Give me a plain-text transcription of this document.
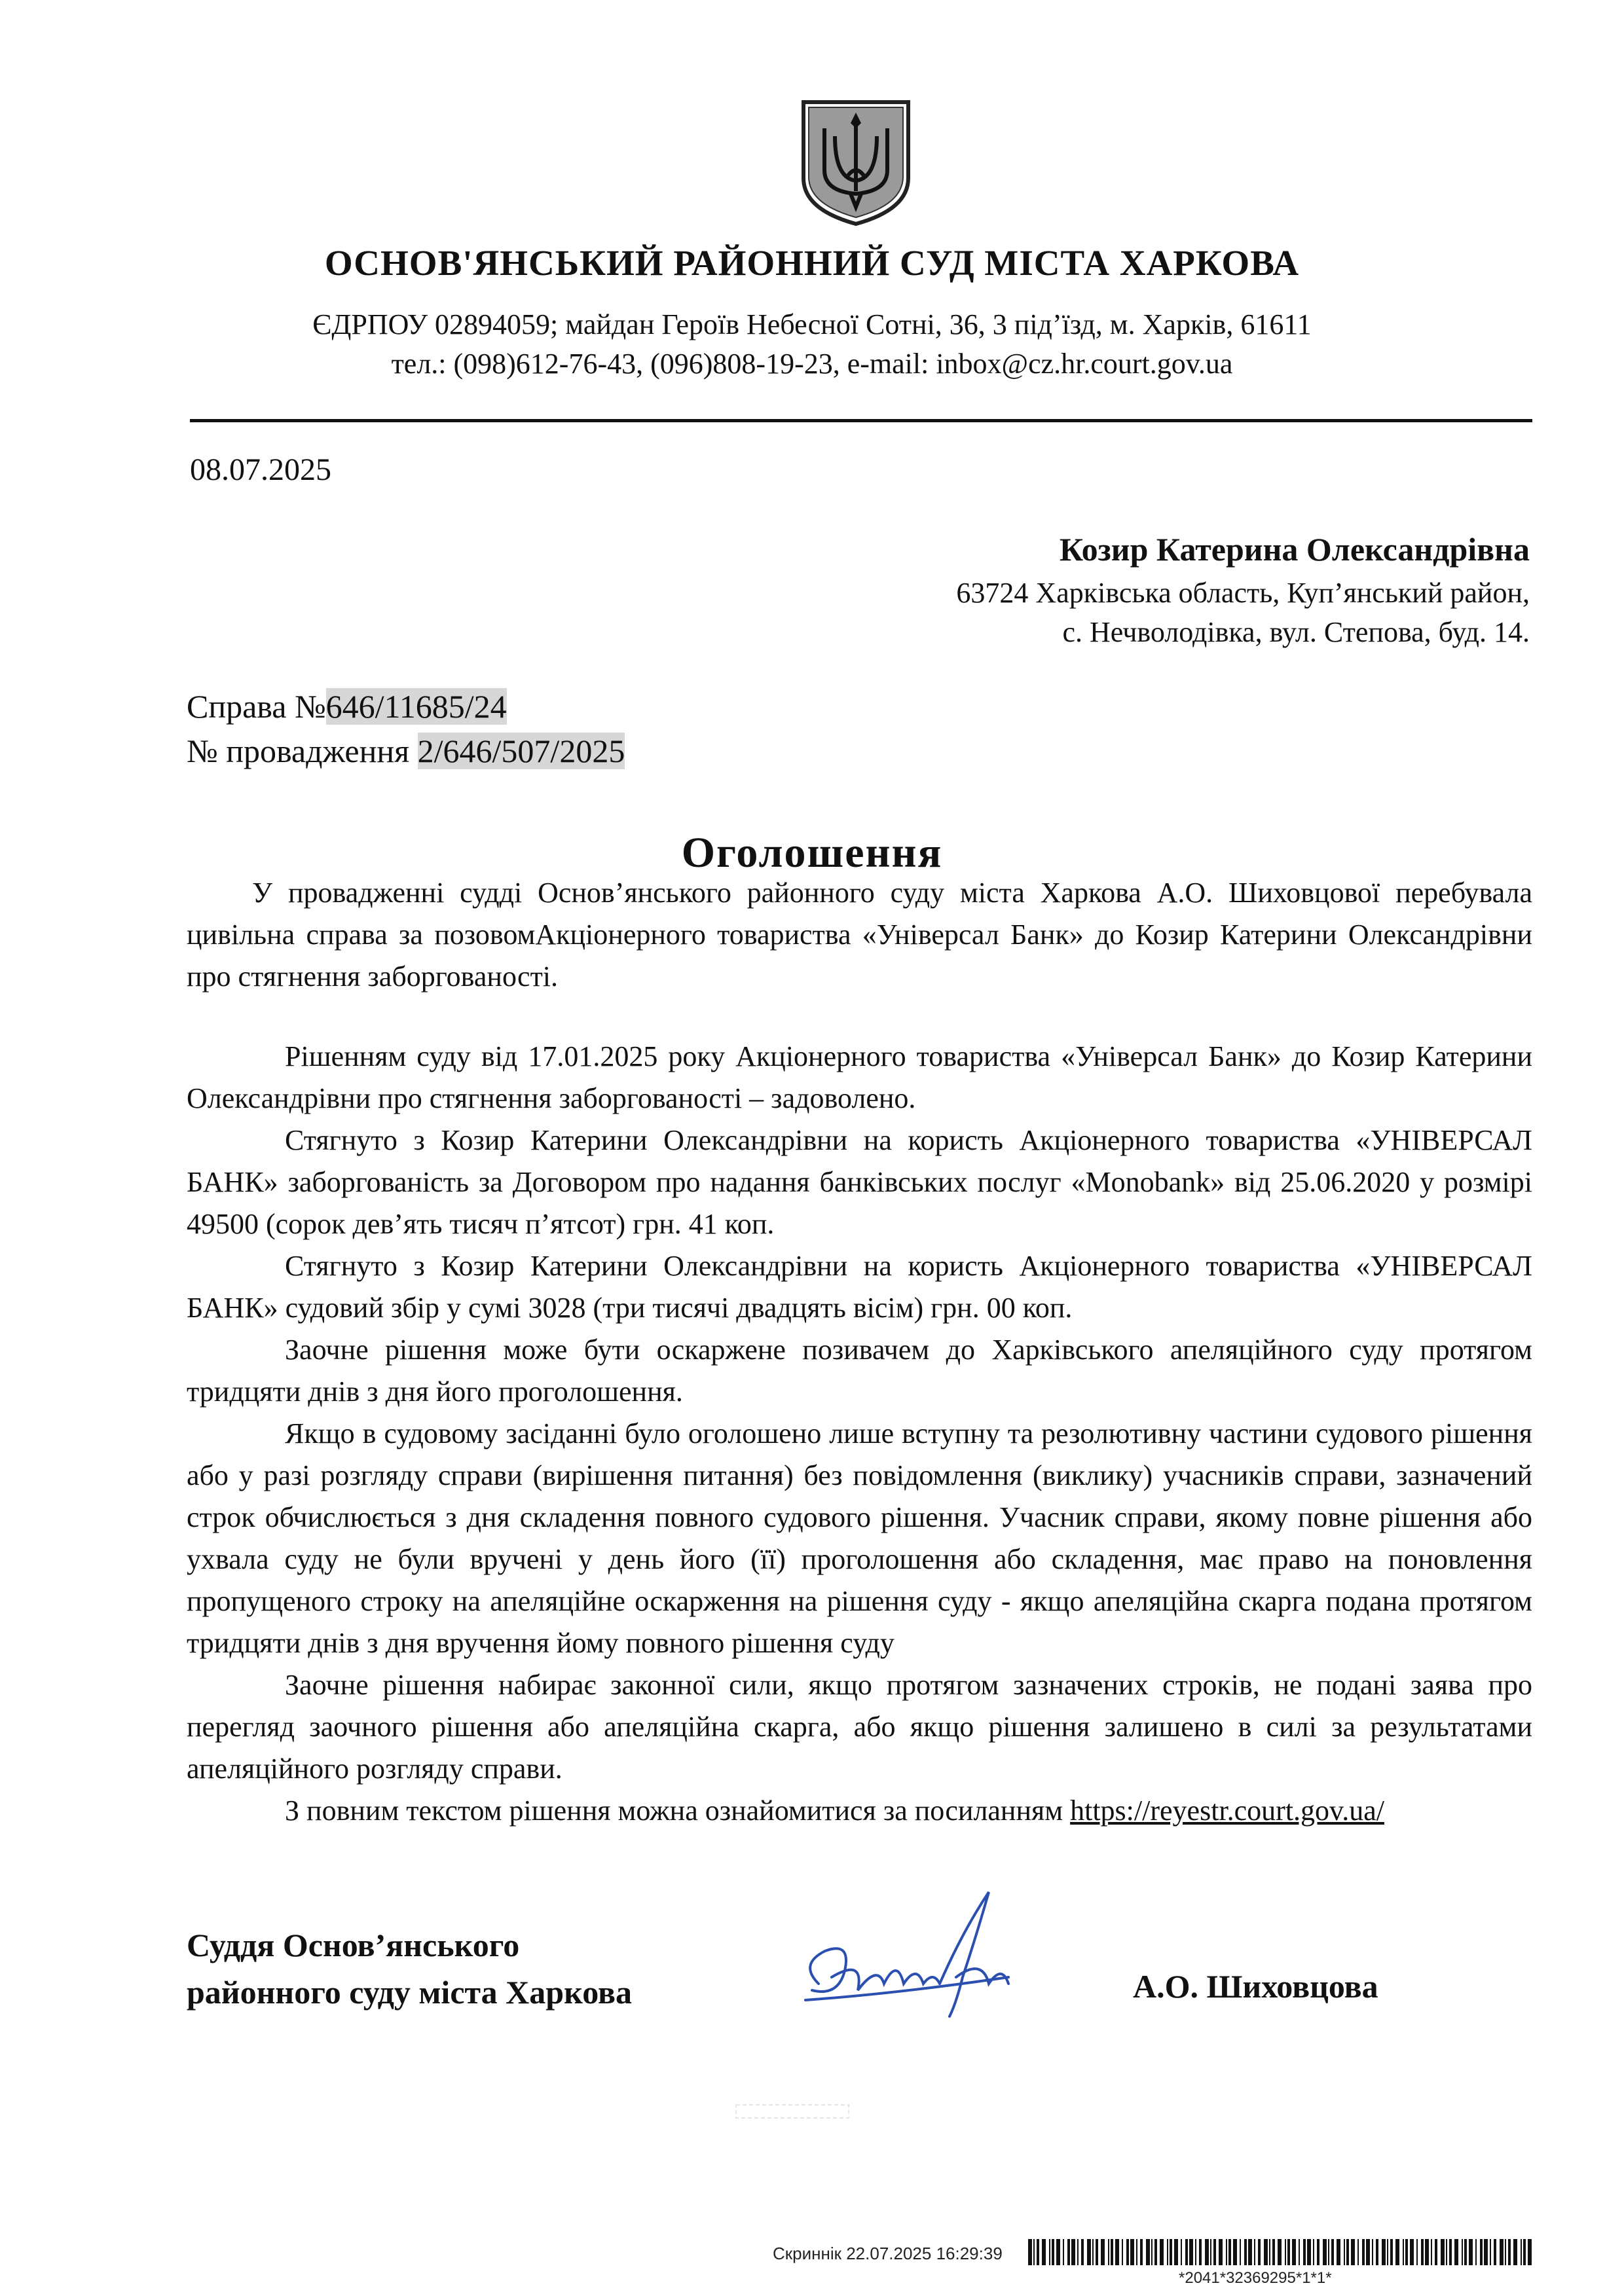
ОСНОВ'ЯНСЬКИЙ РАЙОННИЙ СУД МІСТА ХАРКОВА
ЄДРПОУ 02894059; майдан Героїв Небесної Сотні, 36, 3 під’їзд, м. Харків, 61611
тел.: (098)612-76-43, (096)808-19-23, e-mail: inbox@cz.hr.court.gov.ua
08.07.2025
Козир Катерина Олександрівна
63724 Харківська область, Куп’янський район,
с. Нечволодівка, вул. Степова, буд. 14.
Справа №646/11685/24
№ провадження 2/646/507/2025
Оголошення

У провадженні судді Основ’янського районного суду міста Харкова А.О. Шиховцової перебувала цивільна справа за позовомАкціонерного товариства «Універсал Банк» до Козир Катерини Олександрівни про стягнення заборгованості.

Рішенням суду від 17.01.2025 року Акціонерного товариства «Універсал Банк» до Козир Катерини Олександрівни про стягнення заборгованості – задоволено.

Стягнуто з Козир Катерини Олександрівни на користь Акціонерного товариства «УНІВЕРСАЛ БАНК» заборгованість за Договором про надання банківських послуг «Monobank» від 25.06.2020 у розмірі 49500 (сорок дев’ять тисяч п’ятсот) грн. 41 коп.

Стягнуто з Козир Катерини Олександрівни на користь Акціонерного товариства «УНІВЕРСАЛ БАНК» судовий збір у сумі 3028 (три тисячі двадцять вісім) грн. 00 коп.

Заочне рішення може бути оскаржене позивачем до Харківського апеляційного суду протягом тридцяти днів з дня його проголошення.

Якщо в судовому засіданні було оголошено лише вступну та резолютивну частини судового рішення або у разі розгляду справи (вирішення питання) без повідомлення (виклику) учасників справи, зазначений строк обчислюється з дня складення повного судового рішення. Учасник справи, якому повне рішення або ухвала суду не були вручені у день його (її) проголошення або складення, має право на поновлення пропущеного строку на апеляційне оскарження на рішення суду - якщо апеляційна скарга подана протягом тридцяти днів з дня вручення йому повного рішення суду

Заочне рішення набирає законної сили, якщо протягом зазначених строків, не подані заява про перегляд заочного рішення або апеляційна скарга, або якщо рішення залишено в силі за результатами апеляційного розгляду справи.

З повним текстом рішення можна ознайомитися за посиланням https://reyestr.court.gov.ua/

Суддя Основ’янського
районного суду міста Харкова	А.О. Шиховцова
Скриннік 22.07.2025 16:29:39
*2041*32369295*1*1*
